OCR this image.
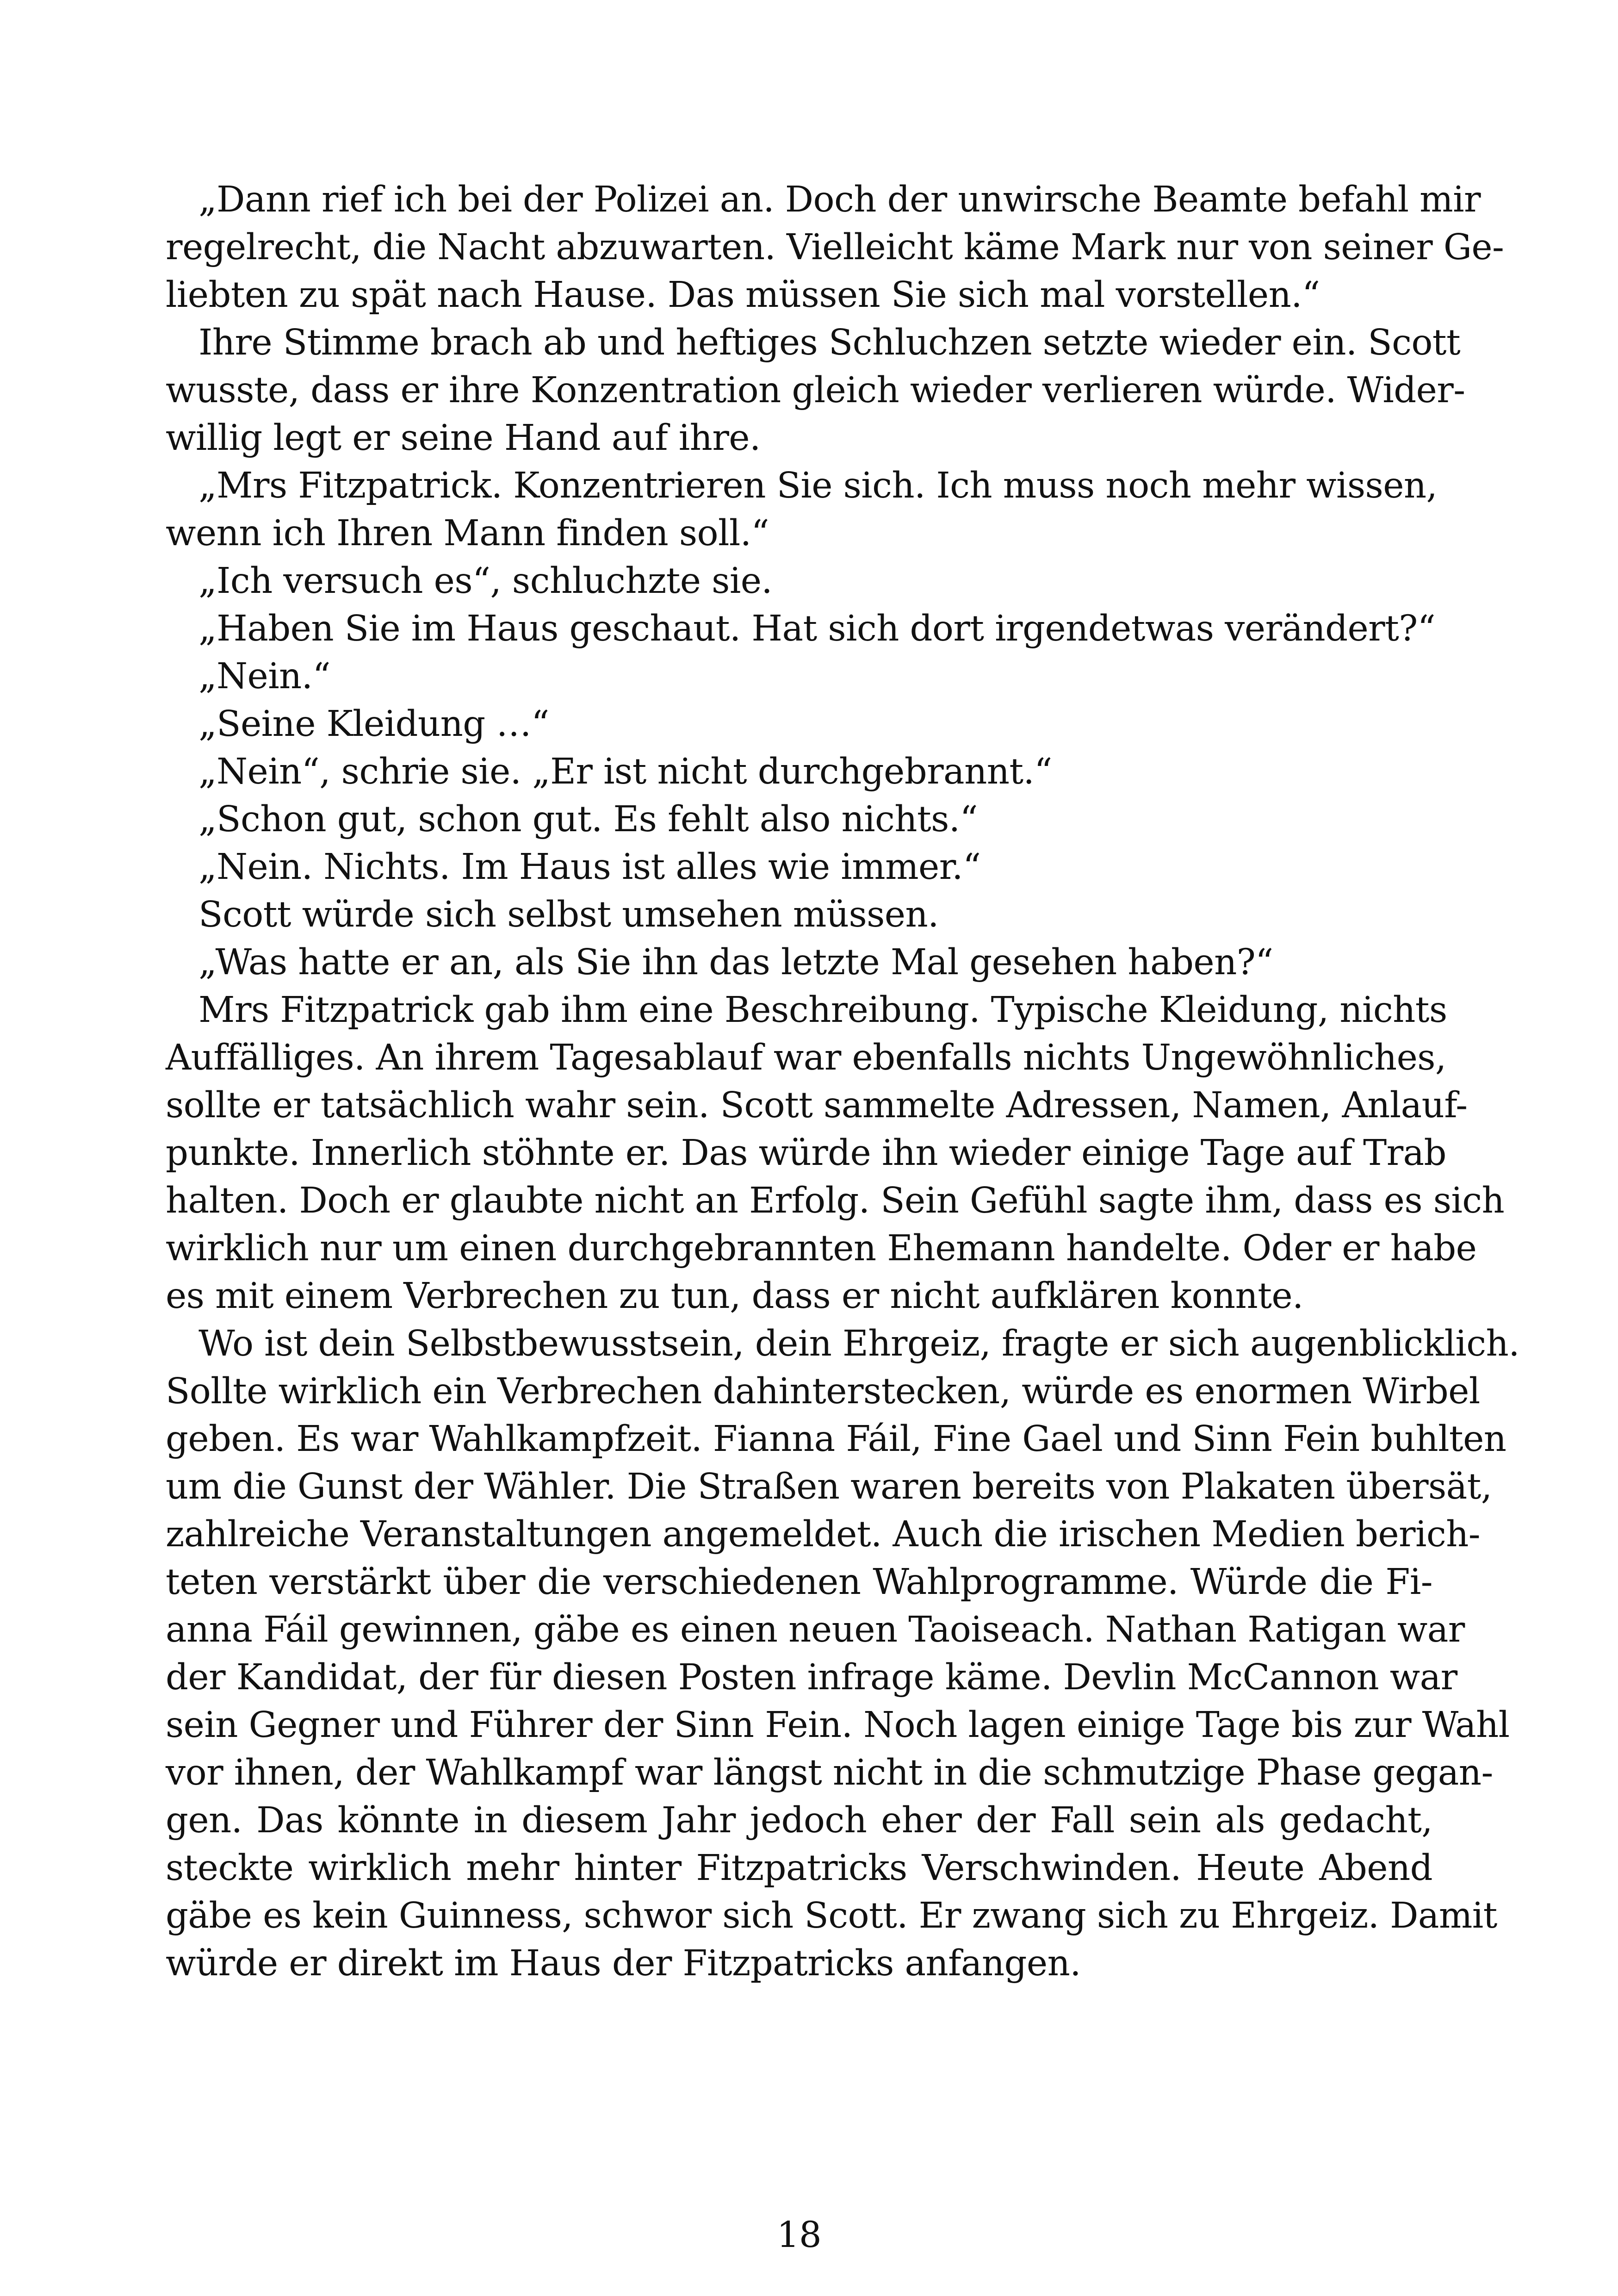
„Dann rief ich bei der Polizei an. Doch der unwirsche Beamte befahl mir
regelrecht, die Nacht abzuwarten. Vielleicht käme Mark nur von seiner Ge-
liebten zu spät nach Hause. Das müssen Sie sich mal vorstellen.“
Ihre Stimme brach ab und heftiges Schluchzen setzte wieder ein. Scott
wusste, dass er ihre Konzentration gleich wieder verlieren würde. Wider-
willig legt er seine Hand auf ihre.
„Mrs Fitzpatrick. Konzentrieren Sie sich. Ich muss noch mehr wissen,
wenn ich Ihren Mann finden soll.“
„Ich versuch es“, schluchzte sie.
„Haben Sie im Haus geschaut. Hat sich dort irgendetwas verändert?“
„Nein.“
„Seine Kleidung …“
„Nein“, schrie sie. „Er ist nicht durchgebrannt.“
„Schon gut, schon gut. Es fehlt also nichts.“
„Nein. Nichts. Im Haus ist alles wie immer.“
Scott würde sich selbst umsehen müssen.
„Was hatte er an, als Sie ihn das letzte Mal gesehen haben?“
Mrs Fitzpatrick gab ihm eine Beschreibung. Typische Kleidung, nichts
Auffälliges. An ihrem Tagesablauf war ebenfalls nichts Ungewöhnliches,
sollte er tatsächlich wahr sein. Scott sammelte Adressen, Namen, Anlauf-
punkte. Innerlich stöhnte er. Das würde ihn wieder einige Tage auf Trab
halten. Doch er glaubte nicht an Erfolg. Sein Gefühl sagte ihm, dass es sich
wirklich nur um einen durchgebrannten Ehemann handelte. Oder er habe
es mit einem Verbrechen zu tun, dass er nicht aufklären konnte.
Wo ist dein Selbstbewusstsein, dein Ehrgeiz, fragte er sich augenblicklich.
Sollte wirklich ein Verbrechen dahinterstecken, würde es enormen Wirbel
geben. Es war Wahlkampfzeit. Fianna Fáil, Fine Gael und Sinn Fein buhlten
um die Gunst der Wähler. Die Straßen waren bereits von Plakaten übersät,
zahlreiche Veranstaltungen angemeldet. Auch die irischen Medien berich-
teten verstärkt über die verschiedenen Wahlprogramme. Würde die Fi-
anna Fáil gewinnen, gäbe es einen neuen Taoiseach. Nathan Ratigan war
der Kandidat, der für diesen Posten infrage käme. Devlin McCannon war
sein Gegner und Führer der Sinn Fein. Noch lagen einige Tage bis zur Wahl
vor ihnen, der Wahlkampf war längst nicht in die schmutzige Phase gegan-
gen. Das könnte in diesem Jahr jedoch eher der Fall sein als gedacht,
steckte wirklich mehr hinter Fitzpatricks Verschwinden. Heute Abend
gäbe es kein Guinness, schwor sich Scott. Er zwang sich zu Ehrgeiz. Damit
würde er direkt im Haus der Fitzpatricks anfangen.
18
